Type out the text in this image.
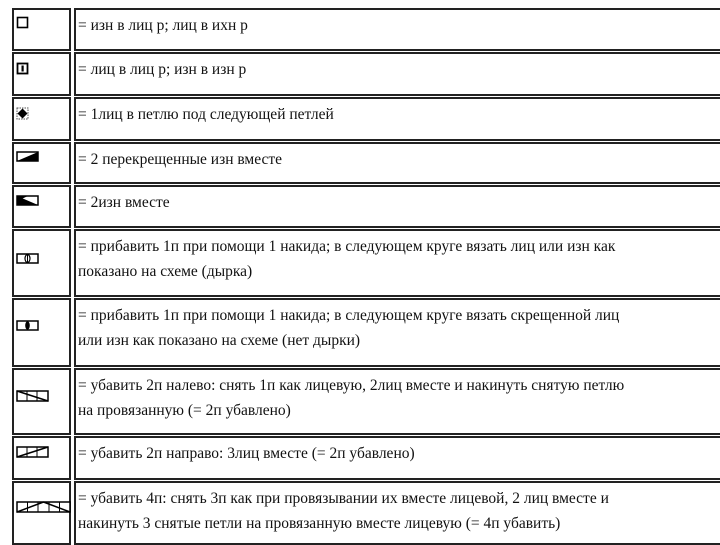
= изн в лиц р; лиц в ихн р
= лиц в лиц р; изн в изн р
= 1лиц в петлю под следующей петлей
= 2 перекрещенные изн вместе
= 2изн вместе
= прибавить 1п при помощи 1 накида; в следующем круге вязать лиц или изн как
показано на схеме (дырка)
= прибавить 1п при помощи 1 накида; в следующем круге вязать скрещенной лиц
или изн как показано на схеме (нет дырки)
= убавить 2п налево: снять 1п как лицевую, 2лиц вместе и накинуть снятую петлю
на провязанную (= 2п убавлено)
= убавить 2п направо: 3лиц вместе (= 2п убавлено)
= убавить 4п: снять 3п как при провязывании их вместе лицевой, 2 лиц вместе и
накинуть 3 снятые петли на провязанную вместе лицевую (= 4п убавить)
